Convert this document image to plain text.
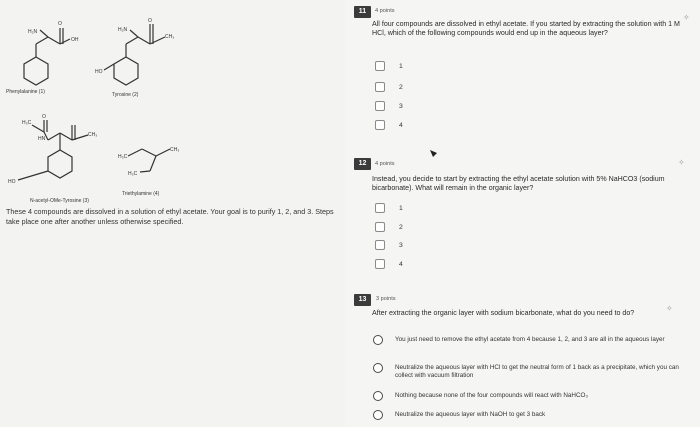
H₂N
OH
O
Phenylalanine (1)
H₂N
CH₃
O
HO
Tyrosine (2)
H₃C
HN
O
CH₃
HO
N-acetyl-OMe-Tyrosine (3)
H₃C
H₃C
CH₃
Triethylamine (4)
These 4 compounds are dissolved in a solution of ethyl acetate. Your goal is to purify 1, 2, and 3. Steps take place one after another unless otherwise specified.
11	4 points
✧
All four compounds are dissolved in ethyl acetate. If you started by extracting the solution with 1 M HCl, which of the following compounds would end up in the aqueous layer?
1
2
3
4
12	4 points	✧
Instead, you decide to start by extracting the ethyl acetate solution with 5% NaHCO3 (sodium bicarbonate). What will remain in the organic layer?
1
2
3
4
13	3 points
✧
After extracting the organic layer with sodium bicarbonate, what do you need to do?
You just need to remove the ethyl acetate from 4 because 1, 2, and 3 are all in the aqueous layer
Neutralize the aqueous layer with HCl to get the neutral form of 1 back as a precipitate, which you can collect with vacuum filtration
Nothing because none of the four compounds will react with NaHCO₃
Neutralize the aqueous layer with NaOH to get 3 back
